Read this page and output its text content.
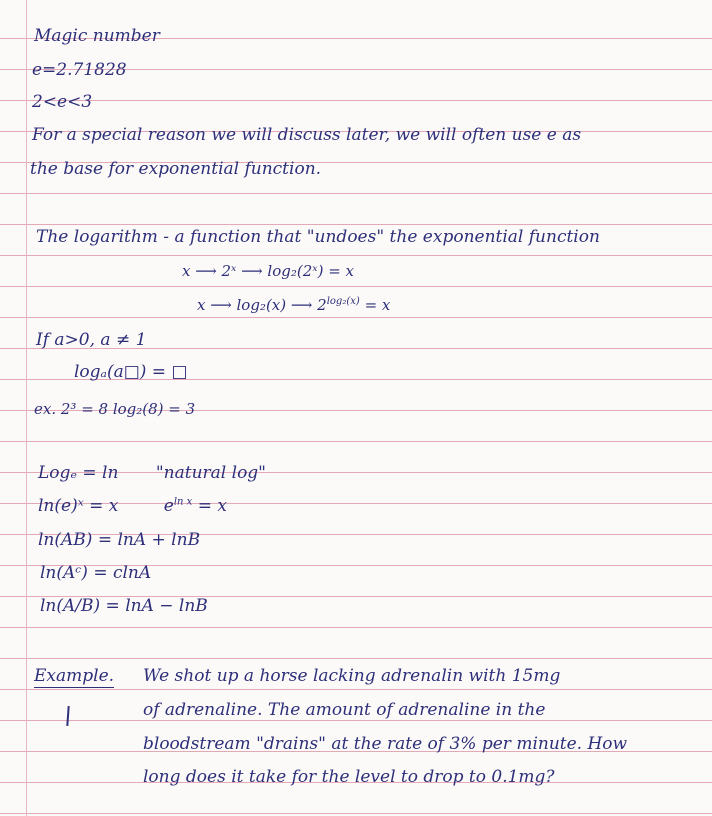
Magic number
e=2.71828
2<e<3
For a special reason we will discuss later, we will often use e as
the base for exponential function.
The logarithm - a function that "undoes" the exponential function
x ⟶ 2ˣ ⟶ log₂(2ˣ) = x
x ⟶ log₂(x) ⟶ $2^{log_2(x)} = x$
If a>0, a ≠ 1
logₐ(a□) = □
ex. 2³ = 8 log₂(8) = 3
Logₑ = ln "natural log"
ln(e)ˣ = x	$e^{ln x} = x$
ln(AB) = lnA + lnB
ln(Aᶜ) = clnA
ln(A/B) = lnA − lnB
Example. We shot up a horse lacking adrenalin with 15mg
of adrenaline. The amount of adrenaline in the
bloodstream "drains" at the rate of 3% per minute. How
long does it take for the level to drop to 0.1mg?
